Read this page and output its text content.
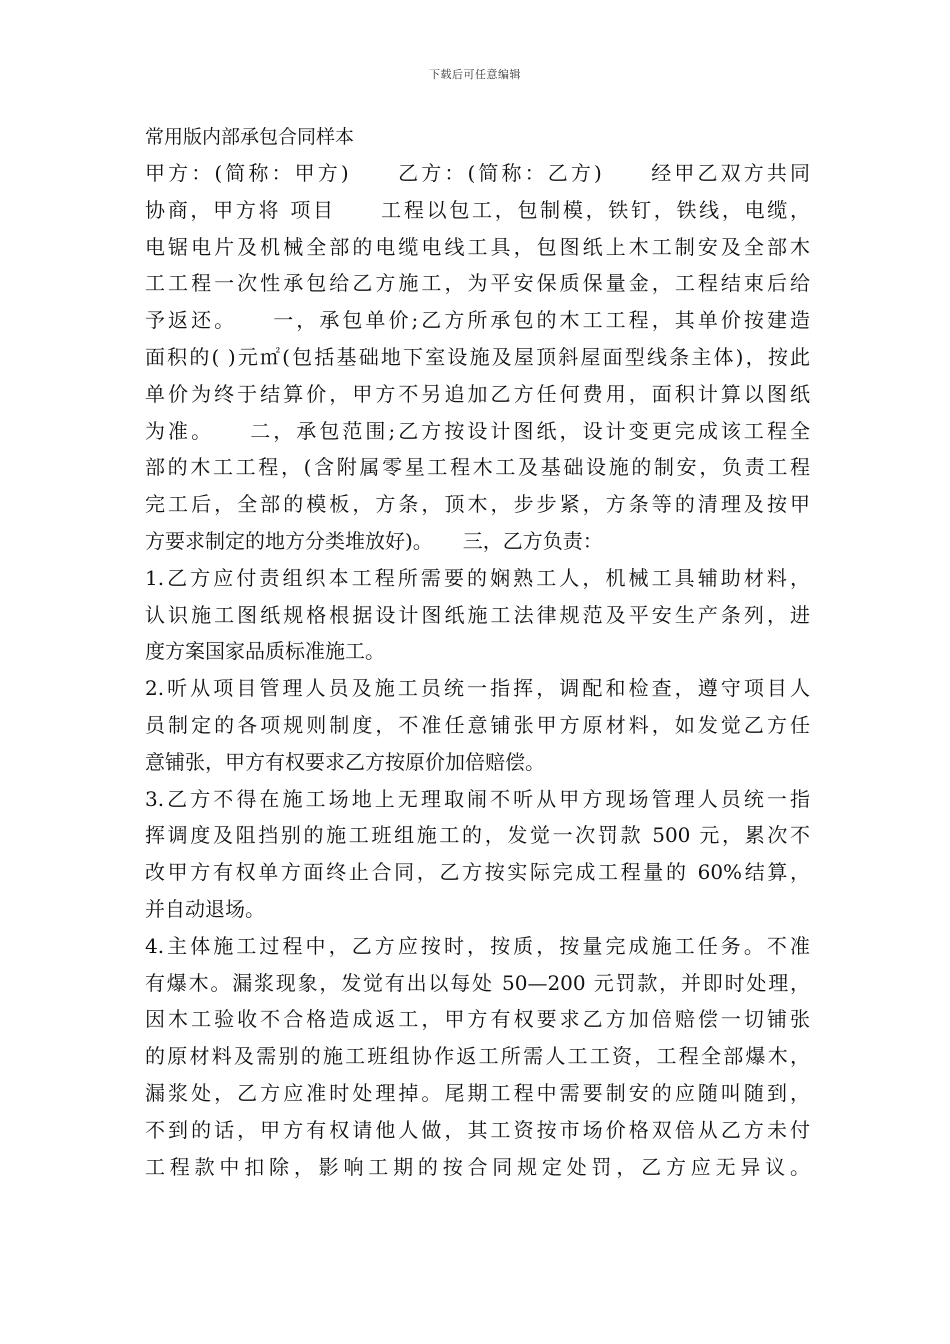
下载后可任意编辑
常用版内部承包合同样本
甲方：(简称：甲方)　　乙方：(简称：乙方)　　经甲乙双方共同
协商，甲方将 项目　　工程以包工，包制模，铁钉，铁线，电缆，
电锯电片及机械全部的电缆电线工具，包图纸上木工制安及全部木
工工程一次性承包给乙方施工，为平安保质保量金，工程结束后给
予返还。　　一，承包单价;乙方所承包的木工工程，其单价按建造
面积的( )元㎡(包括基础地下室设施及屋顶斜屋面型线条主体)，按此
单价为终于结算价，甲方不另追加乙方任何费用，面积计算以图纸
为准。　　二，承包范围;乙方按设计图纸，设计变更完成该工程全
部的木工工程，(含附属零星工程木工及基础设施的制安，负责工程
完工后，全部的模板，方条，顶木，步步紧，方条等的清理及按甲
方要求制定的地方分类堆放好)。　　三，乙方负责：
1.乙方应付责组织本工程所需要的娴熟工人，机械工具辅助材料，
认识施工图纸规格根据设计图纸施工法律规范及平安生产条列，进
度方案国家品质标准施工。
2.听从项目管理人员及施工员统一指挥，调配和检查，遵守项目人
员制定的各项规则制度，不准任意铺张甲方原材料，如发觉乙方任
意铺张，甲方有权要求乙方按原价加倍赔偿。
3.乙方不得在施工场地上无理取闹不听从甲方现场管理人员统一指
挥调度及阻挡别的施工班组施工的，发觉一次罚款 500 元，累次不
改甲方有权单方面终止合同，乙方按实际完成工程量的 60%结算，
并自动退场。
4.主体施工过程中，乙方应按时，按质，按量完成施工任务。不准
有爆木。漏浆现象，发觉有出以每处 50—200 元罚款，并即时处理，
因木工验收不合格造成返工，甲方有权要求乙方加倍赔偿一切铺张
的原材料及需别的施工班组协作返工所需人工工资，工程全部爆木，
漏浆处，乙方应准时处理掉。尾期工程中需要制安的应随叫随到，
不到的话，甲方有权请他人做，其工资按市场价格双倍从乙方未付
工程款中扣除，影响工期的按合同规定处罚，乙方应无异议。
